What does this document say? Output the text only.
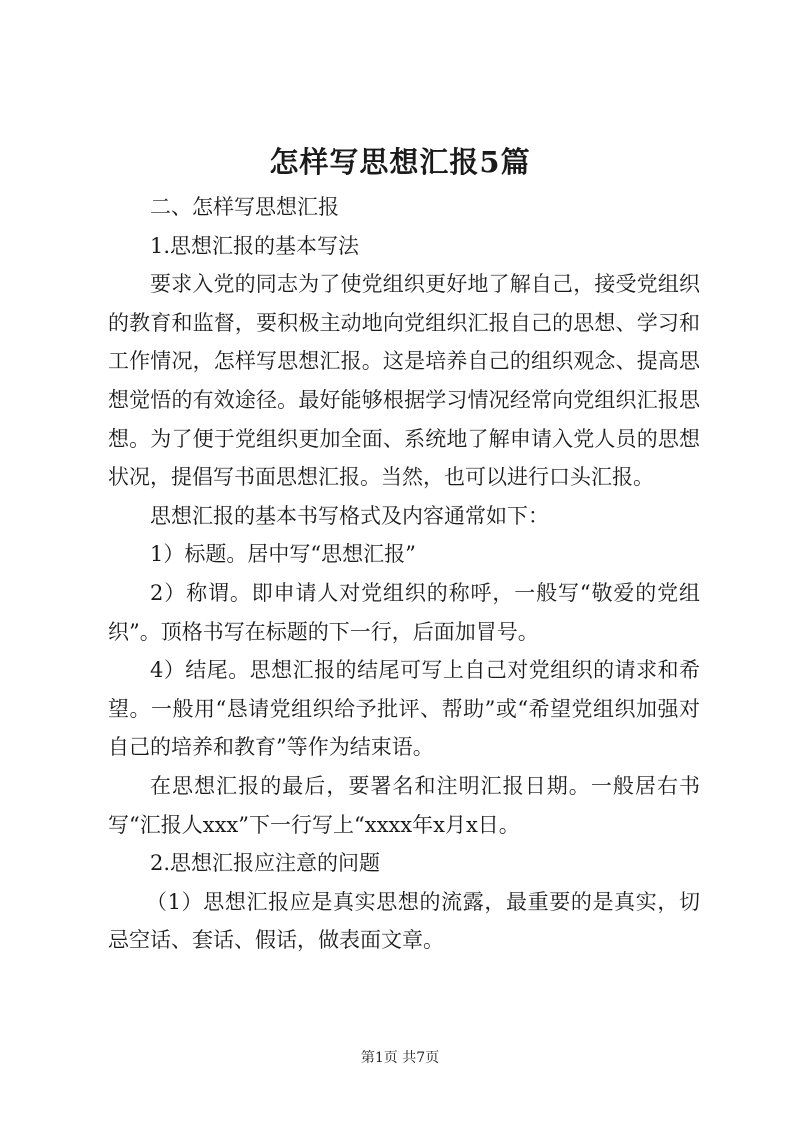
怎样写思想汇报5篇

二、怎样写思想汇报

1.思想汇报的基本写法

要求入党的同志为了使党组织更好地了解自己，接受党组织的教育和监督，要积极主动地向党组织汇报自己的思想、学习和工作情况，怎样写思想汇报。这是培养自己的组织观念、提高思想觉悟的有效途径。最好能够根据学习情况经常向党组织汇报思想。为了便于党组织更加全面、系统地了解申请入党人员的思想状况，提倡写书面思想汇报。当然，也可以进行口头汇报。

思想汇报的基本书写格式及内容通常如下：

1）标题。居中写“思想汇报”

2）称谓。即申请人对党组织的称呼，一般写“敬爱的党组织”。顶格书写在标题的下一行，后面加冒号。

4）结尾。思想汇报的结尾可写上自己对党组织的请求和希望。一般用“恳请党组织给予批评、帮助”或“希望党组织加强对自己的培养和教育”等作为结束语。

在思想汇报的最后，要署名和注明汇报日期。一般居右书写“汇报人xxx”下一行写上“xxxx年x月x日。

2.思想汇报应注意的问题

（1）思想汇报应是真实思想的流露，最重要的是真实，切忌空话、套话、假话，做表面文章。

第1页 共7页
